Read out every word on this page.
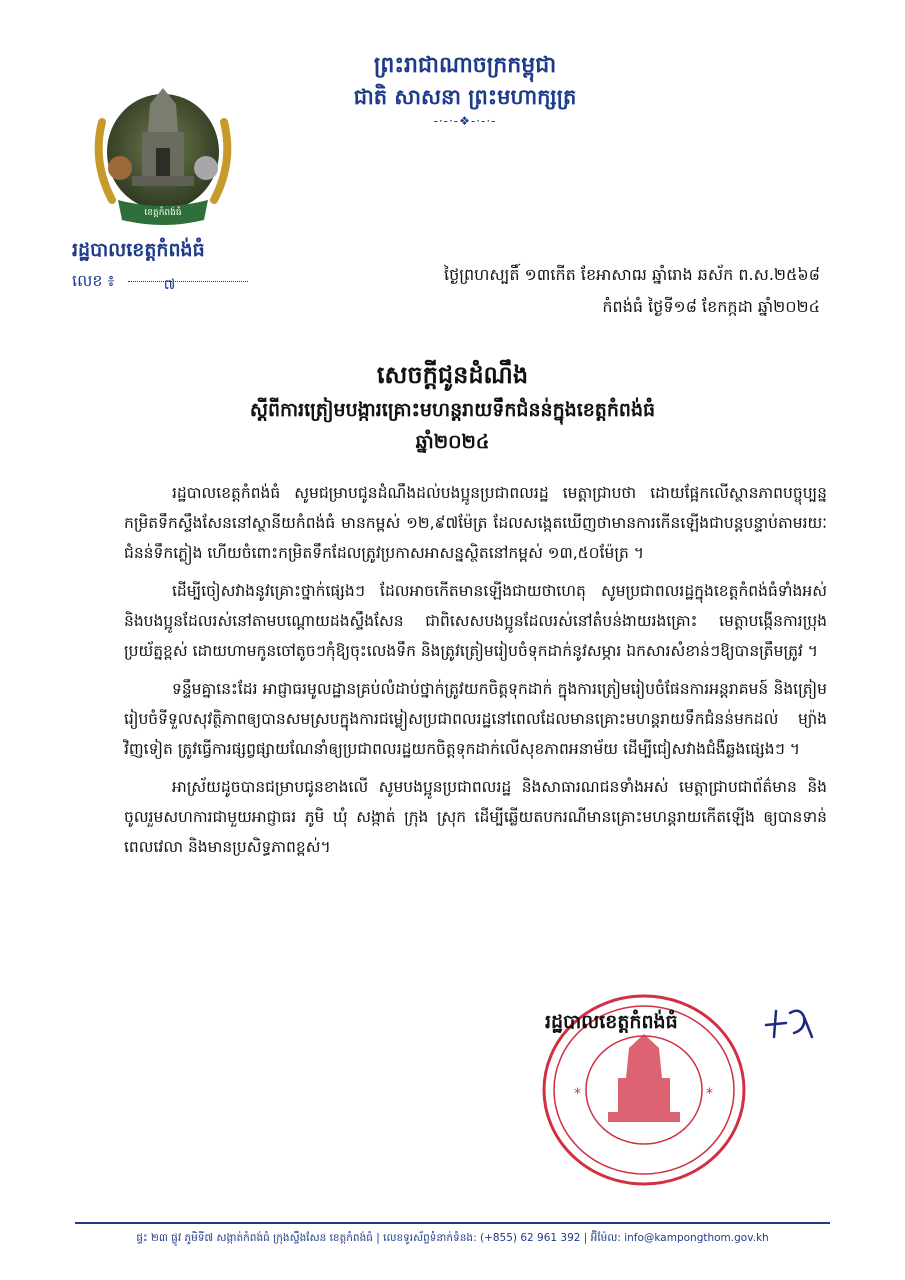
ព្រះរាជាណាចក្រកម្ពុជា
ជាតិ សាសនា ព្រះមហាក្សត្រ
-·-·-❖-·-·-
ខេត្តកំពង់ធំ
រដ្ឋបាលខេត្តកំពង់ធំ
លេខ ៖	៧
ថ្ងៃព្រហស្បតិ៍ ១៣កើត ខែអាសាឍ ឆ្នាំរោង ឆស័ក ព.ស.២៥៦៨
កំពង់ធំ ថ្ងៃទី១៨ ខែកក្កដា ឆ្នាំ២០២៤
សេចក្តីជូនដំណឹង
ស្តីពីការត្រៀមបង្ការគ្រោះមហន្តរាយទឹកជំនន់ក្នុងខេត្តកំពង់ធំ
ឆ្នាំ២០២៤

រដ្ឋបាលខេត្តកំពង់ធំ សូមជម្រាបជូនដំណឹងដល់បងប្អូនប្រជាពលរដ្ឋ មេត្តាជ្រាបថា ដោយផ្អែកលើស្ថានភាពបច្ចុប្បន្នកម្រិតទឹកស្ទឹងសែននៅស្ថានីយកំពង់ធំ មានកម្ពស់ ១២,៩៧ម៉ែត្រ ដែលសង្កេតឃើញថាមានការកើនឡើងជាបន្តបន្ទាប់តាមរយៈជំនន់ទឹកភ្លៀង ហើយចំពោះកម្រិតទឹកដែលត្រូវប្រកាសអាសន្នស្ថិតនៅកម្ពស់ ១៣,៥០ម៉ែត្រ ។

ដើម្បីចៀសវាងនូវគ្រោះថ្នាក់ផ្សេងៗ ដែលអាចកើតមានឡើងជាយថាហេតុ សូមប្រជាពលរដ្ឋក្នុងខេត្តកំពង់ធំទាំងអស់ និងបងប្អូនដែលរស់នៅតាមបណ្តោយដងស្ទឹងសែន ជាពិសេសបងប្អូនដែលរស់នៅតំបន់ងាយរងគ្រោះ មេត្តាបង្កើនការប្រុងប្រយ័ត្នខ្ពស់ ដោយហាមកូនចៅតូចៗកុំឱ្យចុះលេងទឹក និងត្រូវត្រៀមរៀបចំទុកដាក់នូវសម្ភារ ឯកសារសំខាន់ៗឱ្យបានត្រឹមត្រូវ ។

ទន្ទឹមគ្នានេះដែរ អាជ្ញាធរមូលដ្ឋានគ្រប់លំដាប់ថ្នាក់ត្រូវយកចិត្តទុកដាក់ ក្នុងការត្រៀមរៀបចំផែនការអន្តរាគមន៍ និងត្រៀមរៀបចំទីទួលសុវត្ថិភាពឲ្យបានសមស្របក្នុងការជម្លៀសប្រជាពលរដ្ឋនៅពេលដែលមានគ្រោះមហន្តរាយទឹកជំនន់មកដល់ ម្យ៉ាងវិញទៀត ត្រូវធ្វើការផ្សព្វផ្សាយណែនាំឲ្យប្រជាពលរដ្ឋយកចិត្តទុកដាក់លើសុខភាពអនាម័យ ដើម្បីជៀសវាងជំងឺឆ្លងផ្សេងៗ ។

អាស្រ័យដូចបានជម្រាបជូនខាងលើ សូមបងប្អូនប្រជាពលរដ្ឋ និងសាធារណជនទាំងអស់ មេត្តាជ្រាបជាព័ត៌មាន និងចូលរួមសហការជាមួយអាជ្ញាធរ ភូមិ ឃុំ សង្កាត់ ក្រុង ស្រុក ដើម្បីឆ្លើយតបករណីមានគ្រោះមហន្តរាយកើតឡើង ឲ្យបានទាន់ពេលវេលា និងមានប្រសិទ្ធភាពខ្ពស់។

*	*
រដ្ឋបាលខេត្តកំពង់ធំ
ផ្ទះ ២៣ ផ្លូវ ភូមិទី៧ សង្កាត់កំពង់ធំ ក្រុងស្ទឹងសែន ខេត្តកំពង់ធំ | លេខទូរស័ព្ទទំនាក់ទំនង: (+855) 62 961 392 | អ៊ីម៉ែល: info@kampongthom.gov.kh
